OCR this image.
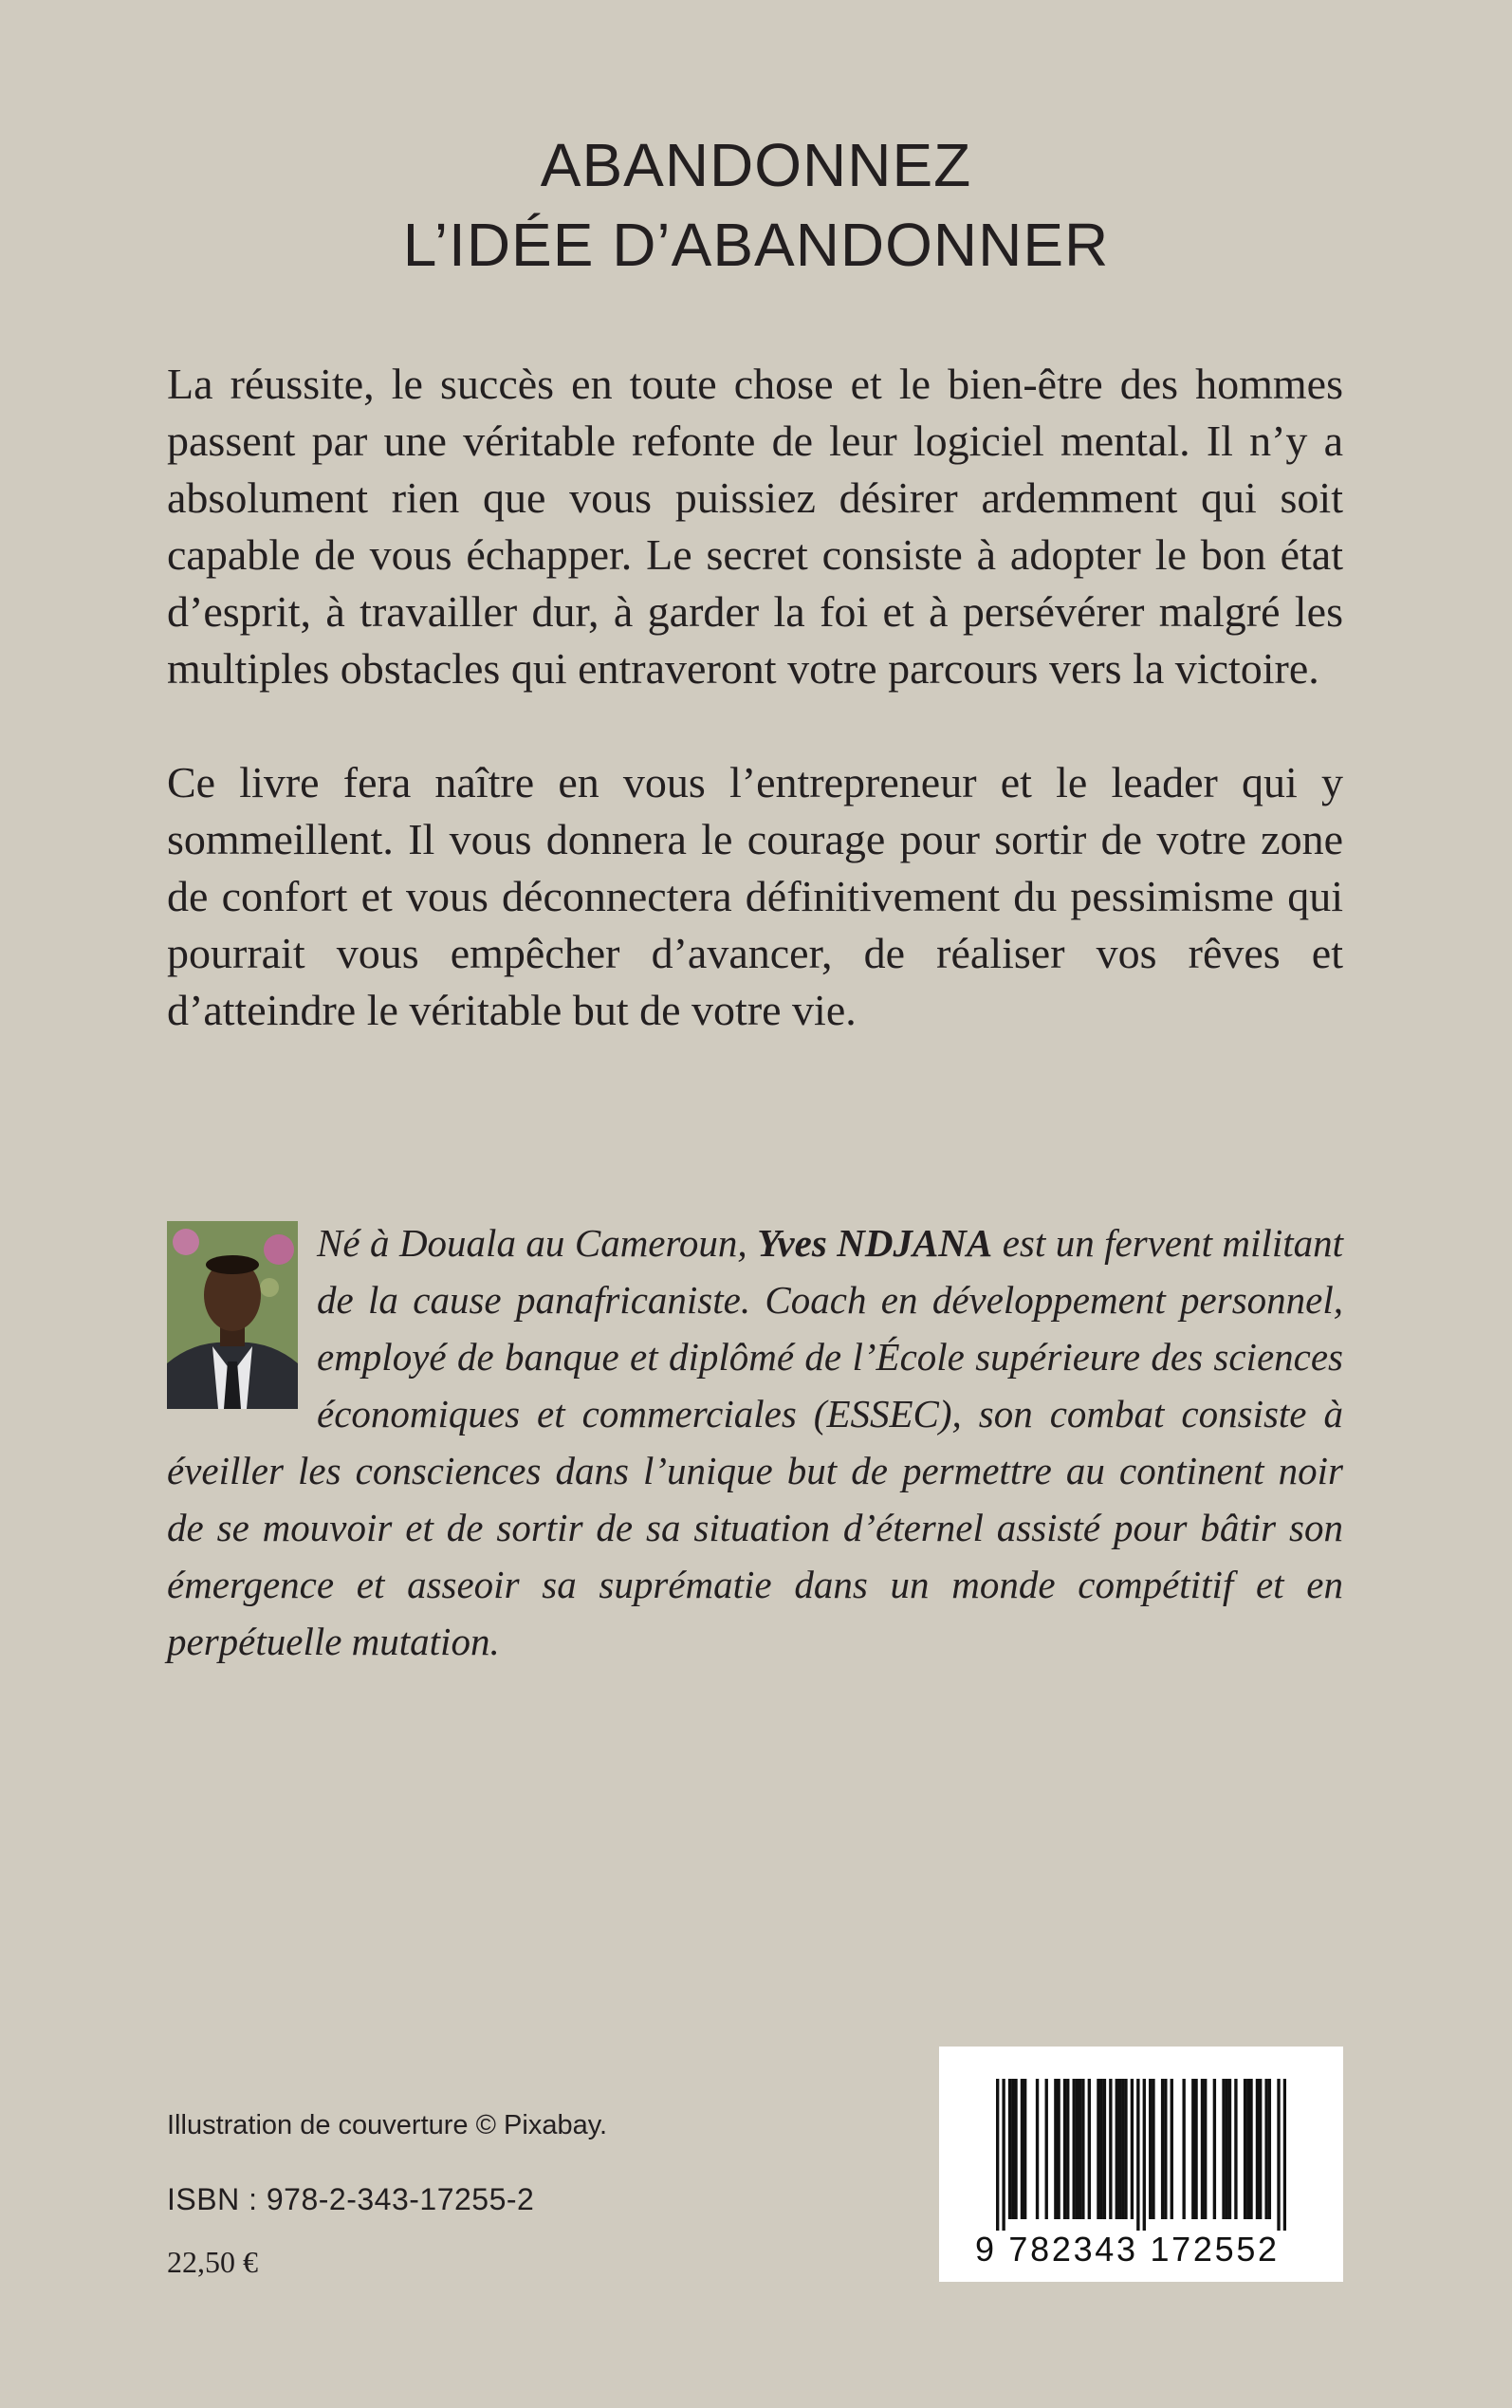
ABANDONNEZ
L’IDÉE D’ABANDONNER

La réussite, le succès en toute chose et le bien-être des hommes passent par une véritable refonte de leur logiciel mental. Il n’y a absolument rien que vous puissiez désirer ardemment qui soit capable de vous échapper. Le secret consiste à adopter le bon état d’esprit, à travailler dur, à garder la foi et à persévérer malgré les multiples obstacles qui entraveront votre parcours vers la victoire.

Ce livre fera naître en vous l’entrepreneur et le leader qui y sommeillent. Il vous donnera le courage pour sortir de votre zone de confort et vous déconnectera définitivement du pessimisme qui pourrait vous empêcher d’avancer, de réaliser vos rêves et d’atteindre le véritable but de votre vie.

Né à Douala au Cameroun, Yves NDJANA est un fervent militant de la cause panafricaniste. Coach en développement personnel, employé de banque et diplômé de l’École supérieure des sciences économiques et commerciales (ESSEC), son combat consiste à éveiller les consciences dans l’unique but de permettre au continent noir de se mouvoir et de sortir de sa situation d’éternel assisté pour bâtir son émergence et asseoir sa suprématie dans un monde compétitif et en perpétuelle mutation.

Illustration de couverture © Pixabay.
ISBN : 978-2-343-17255-2
22,50 €	9 782343 172552
